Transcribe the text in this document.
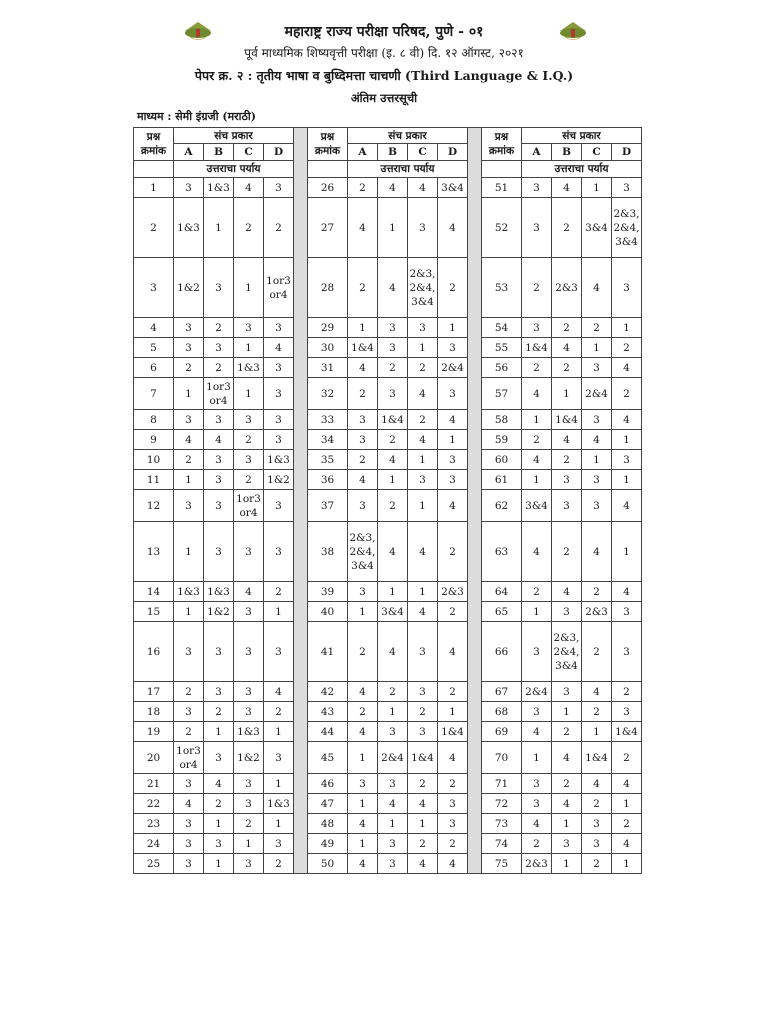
महाराष्ट्र राज्य परीक्षा परिषद, पुणे - ०१
पूर्व माध्यमिक शिष्यवृत्ती परीक्षा (इ. ८ वी) दि. १२ ऑगस्ट, २०२१
पेपर क्र. २ : तृतीय भाषा व बुध्दिमत्ता चाचणी (Third Language & I.Q.)
अंतिम उत्तरसूची
माध्यम : सेमी इंग्रजी (मराठी)
प्रश्न क्रमांक	संच प्रकार					प्रश्न क्रमांक	संच प्रकार					प्रश्न क्रमांक	संच प्रकार			
	A	B	C	D			A	B	C	D			A	B	C	D
	उत्तराचा पर्याय						उत्तराचा पर्याय						उत्तराचा पर्याय			
1	3	1&3	4	3		26	2	4	4	3&4		51	3	4	1	3
2	1&3	1	2	2		27	4	1	3	4		52	3	2	3&4	2&3,
2&4,
3&4
3	1&2	3	1	1or3
or4		28	2	4	2&3,
2&4,
3&4	2		53	2	2&3	4	3
4	3	2	3	3		29	1	3	3	1		54	3	2	2	1
5	3	3	1	4		30	1&4	3	1	3		55	1&4	4	1	2
6	2	2	1&3	3		31	4	2	2	2&4		56	2	2	3	4
7	1	1or3
or4	1	3		32	2	3	4	3		57	4	1	2&4	2
8	3	3	3	3		33	3	1&4	2	4		58	1	1&4	3	4
9	4	4	2	3		34	3	2	4	1		59	2	4	4	1
10	2	3	3	1&3		35	2	4	1	3		60	4	2	1	3
11	1	3	2	1&2		36	4	1	3	3		61	1	3	3	1
12	3	3	1or3
or4	3		37	3	2	1	4		62	3&4	3	3	4
13	1	3	3	3		38	2&3,
2&4,
3&4	4	4	2		63	4	2	4	1
14	1&3	1&3	4	2		39	3	1	1	2&3		64	2	4	2	4
15	1	1&2	3	1		40	1	3&4	4	2		65	1	3	2&3	3
16	3	3	3	3		41	2	4	3	4		66	3	2&3,
2&4,
3&4	2	3
17	2	3	3	4		42	4	2	3	2		67	2&4	3	4	2
18	3	2	3	2		43	2	1	2	1		68	3	1	2	3
19	2	1	1&3	1		44	4	3	3	1&4		69	4	2	1	1&4
20	1or3
or4	3	1&2	3		45	1	2&4	1&4	4		70	1	4	1&4	2
21	3	4	3	1		46	3	3	2	2		71	3	2	4	4
22	4	2	3	1&3		47	1	4	4	3		72	3	4	2	1
23	3	1	2	1		48	4	1	1	3		73	4	1	3	2
24	3	3	1	3		49	1	3	2	2		74	2	3	3	4
25	3	1	3	2		50	4	3	4	4		75	2&3	1	2	1
